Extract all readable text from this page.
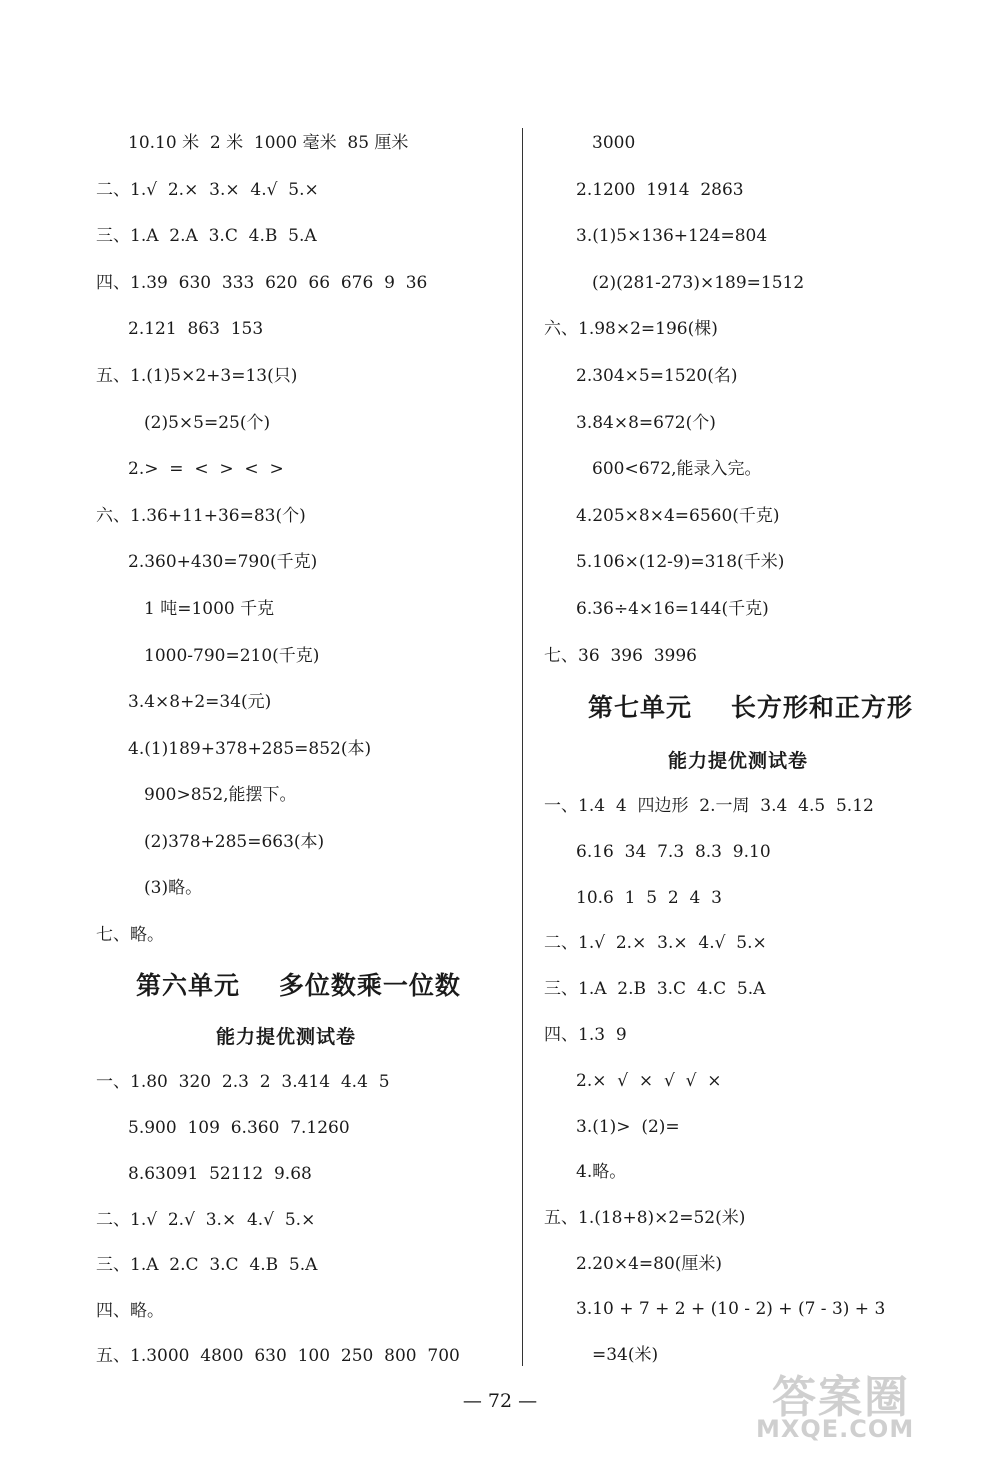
10.10 米  2 米  1000 毫米  85 厘米
二、1.√  2.×  3.×  4.√  5.×
三、1.A  2.A  3.C  4.B  5.A
四、1.39  630  333  620  66  676  9  36
2.121  863  153
五、1.(1)5×2+3=13(只)
(2)5×5=25(个)
2.>  =  <  >  <  >
六、1.36+11+36=83(个)
2.360+430=790(千克)
1 吨=1000 千克
1000-790=210(千克)
3.4×8+2=34(元)
4.(1)189+378+285=852(本)
900>852,能摆下。
(2)378+285=663(本)
(3)略。
七、略。
第六单元    多位数乘一位数
能力提优测试卷
一、1.80  320  2.3  2  3.414  4.4  5
5.900  109  6.360  7.1260
8.63091  52112  9.68
二、1.√  2.√  3.×  4.√  5.×
三、1.A  2.C  3.C  4.B  5.A
四、略。
五、1.3000  4800  630  100  250  800  700
3000
2.1200  1914  2863
3.(1)5×136+124=804
(2)(281-273)×189=1512
六、1.98×2=196(棵)
2.304×5=1520(名)
3.84×8=672(个)
600<672,能录入完。
4.205×8×4=6560(千克)
5.106×(12-9)=318(千米)
6.36÷4×16=144(千克)
七、36  396  3996
第七单元    长方形和正方形
能力提优测试卷
一、1.4  4  四边形  2.一周  3.4  4.5  5.12
6.16  34  7.3  8.3  9.10
10.6  1  5  2  4  3
二、1.√  2.×  3.×  4.√  5.×
三、1.A  2.B  3.C  4.C  5.A
四、1.3  9
2.×  √  ×  √  √  ×
3.(1)>  (2)=
4.略。
五、1.(18+8)×2=52(米)
2.20×4=80(厘米)
3.10 + 7 + 2 + (10 - 2) + (7 - 3) + 3
=34(米)
— 72 —	答案圈
MXQE.COM
